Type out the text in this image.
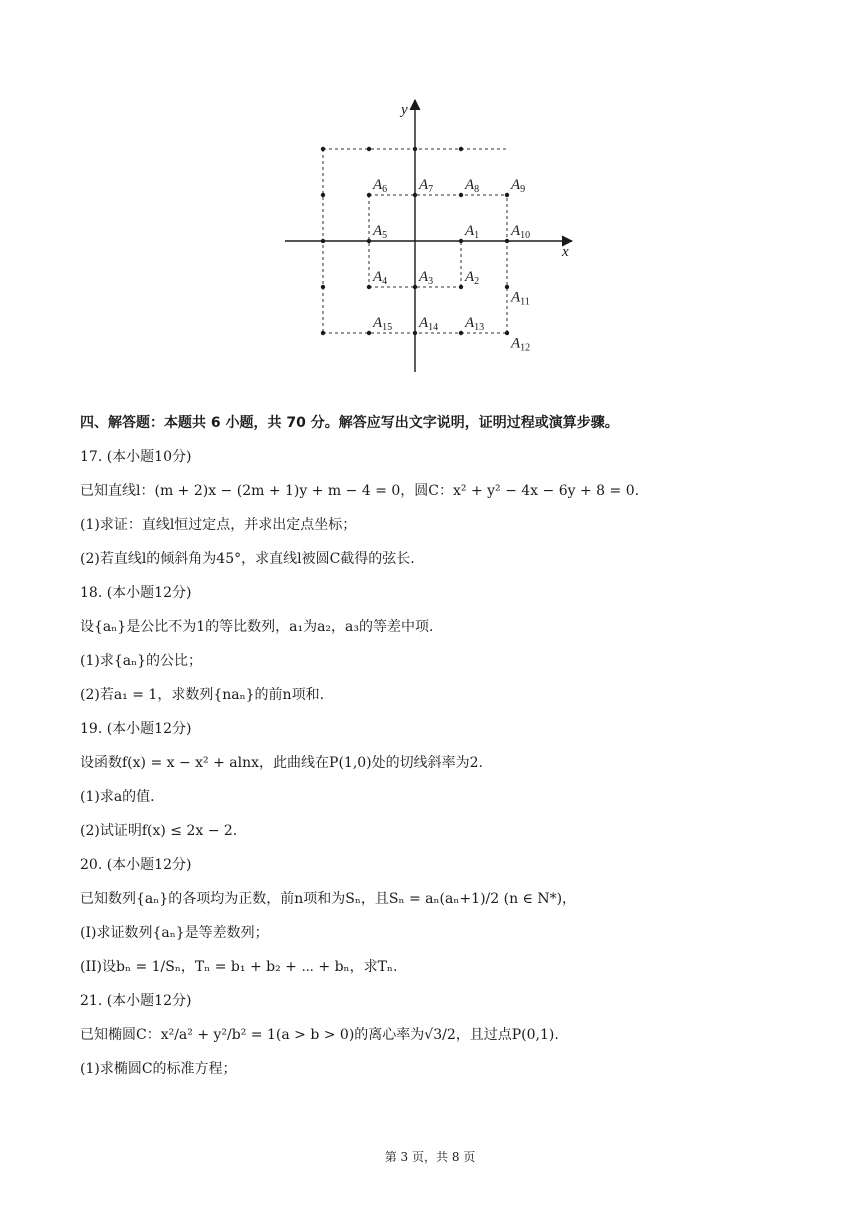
$A_6$ $A_7$ $A_8$ $A_9$
$A_5$	$A_1$ $A_{10}$
$A_4$ $A_3$ $A_2$
$A_{11}$
$A_{15}$ $A_{14}$ $A_{13}$
$A_{12}$
y
x
四、解答题：本题共 6 小题，共 70 分。解答应写出文字说明，证明过程或演算步骤。
17. (本小题10分)
已知直线l：(m + 2)x − (2m + 1)y + m − 4 = 0，圆C：x² + y² − 4x − 6y + 8 = 0.
(1)求证：直线l恒过定点，并求出定点坐标；
(2)若直线l的倾斜角为45°，求直线l被圆C截得的弦长.
18. (本小题12分)
设{aₙ}是公比不为1的等比数列，a₁为a₂，a₃的等差中项.
(1)求{aₙ}的公比；
(2)若a₁ = 1，求数列{naₙ}的前n项和.
19. (本小题12分)
设函数f(x) = x − x² + alnx，此曲线在P(1,0)处的切线斜率为2.
(1)求a的值.
(2)试证明f(x) ≤ 2x − 2.
20. (本小题12分)
已知数列{aₙ}的各项均为正数，前n项和为Sₙ，且Sₙ = aₙ(aₙ+1)/2 (n ∈ N*)，
(I)求证数列{aₙ}是等差数列；
(II)设bₙ = 1/Sₙ，Tₙ = b₁ + b₂ + ⋯ + bₙ，求Tₙ.
21. (本小题12分)
已知椭圆C：x²/a² + y²/b² = 1(a > b > 0)的离心率为√3/2，且过点P(0,1).
(1)求椭圆C的标准方程；
第 3 页，共 8 页
